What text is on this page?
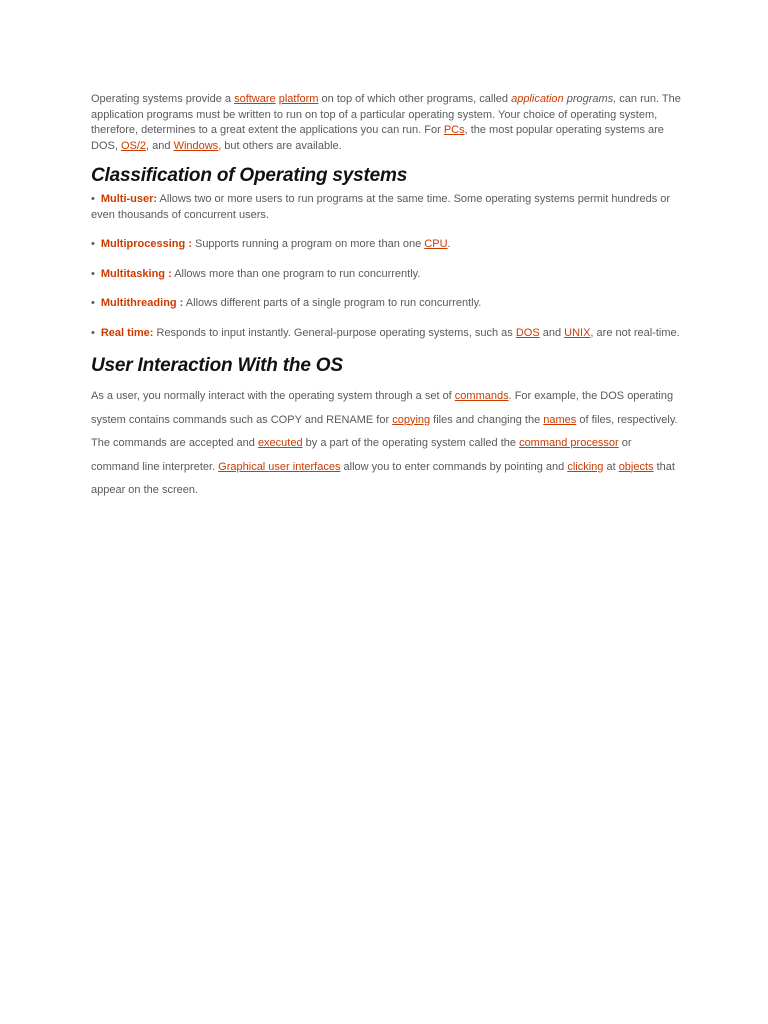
Operating systems provide a software platform on top of which other programs, called application programs, can run. The application programs must be written to run on top of a particular operating system. Your choice of operating system, therefore, determines to a great extent the applications you can run. For PCs, the most popular operating systems are DOS, OS/2, and Windows, but others are available.

Classification of Operating systems
• Multi-user: Allows two or more users to run programs at the same time. Some operating systems permit hundreds or even thousands of concurrent users.
• Multiprocessing : Supports running a program on more than one CPU.
• Multitasking : Allows more than one program to run concurrently.
• Multithreading : Allows different parts of a single program to run concurrently.
• Real time: Responds to input instantly. General-purpose operating systems, such as DOS and UNIX, are not real-time.
User Interaction With the OS

As a user, you normally interact with the operating system through a set of commands. For example, the DOS operating system contains commands such as COPY and RENAME for copying files and changing the names of files, respectively. The commands are accepted and executed by a part of the operating system called the command processor or command line interpreter. Graphical user interfaces allow you to enter commands by pointing and clicking at objects that appear on the screen.
